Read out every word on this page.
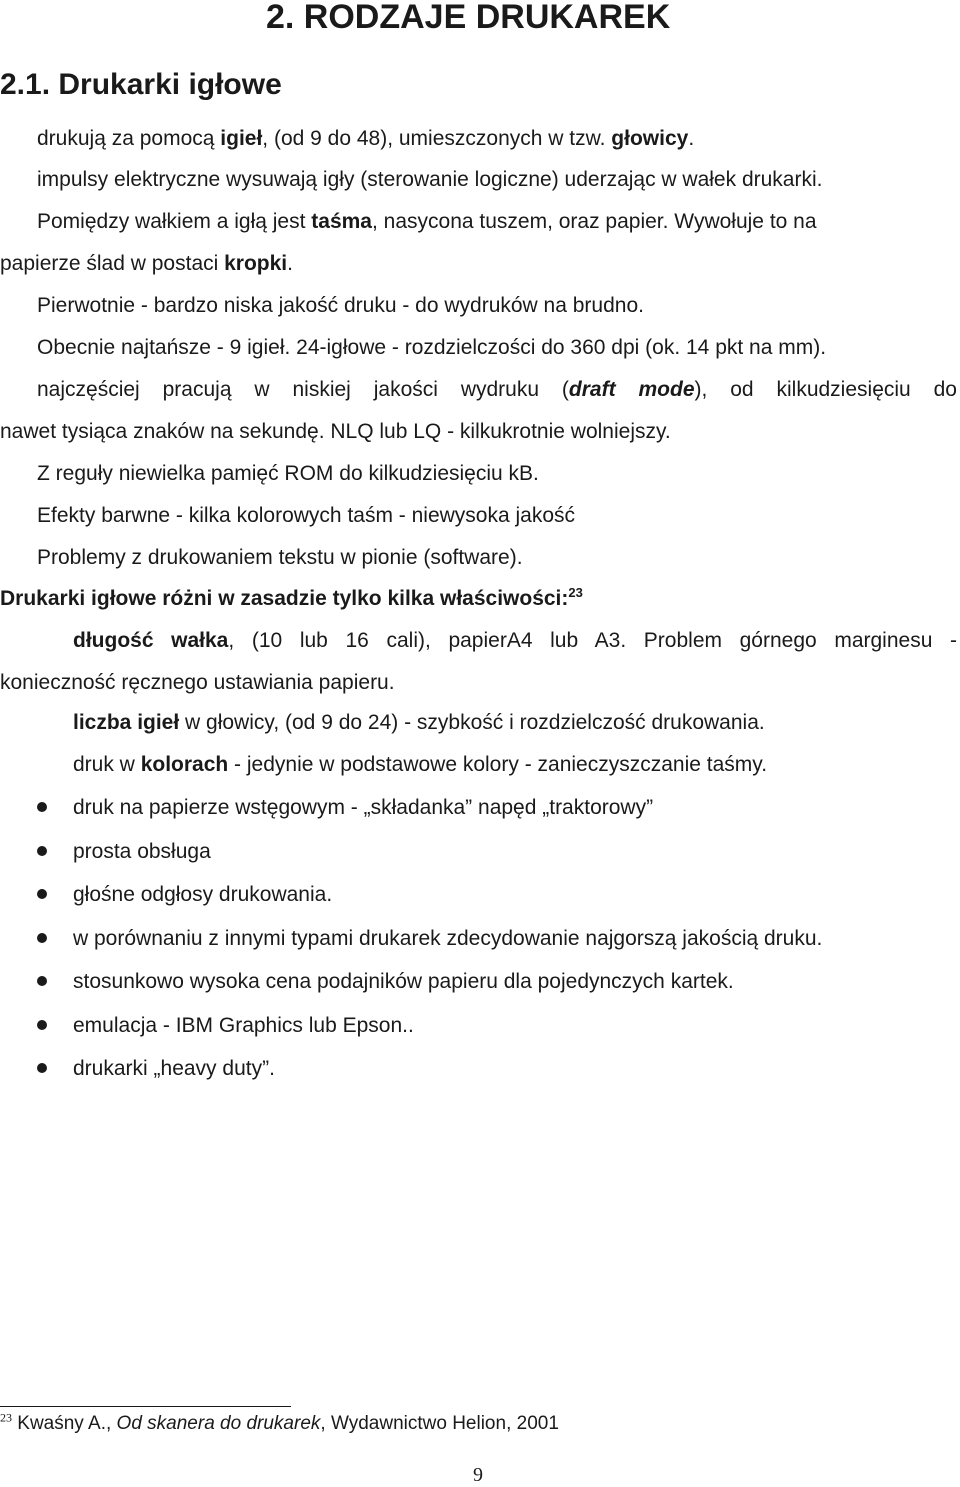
2. RODZAJE DRUKAREK
2.1. Drukarki igłowe
drukują za pomocą igieł, (od 9 do 48), umieszczonych w tzw. głowicy.
impulsy elektryczne wysuwają igły (sterowanie logiczne) uderzając w wałek drukarki.
Pomiędzy wałkiem a igłą jest taśma, nasycona tuszem, oraz papier. Wywołuje to na
papierze ślad w postaci kropki.
Pierwotnie - bardzo niska jakość druku - do wydruków na brudno.
Obecnie najtańsze - 9 igieł. 24-igłowe - rozdzielczości do 360 dpi (ok. 14 pkt na mm).
najczęściej pracują w niskiej jakości wydruku (draft mode), od kilkudziesięciu do
nawet tysiąca znaków na sekundę. NLQ lub LQ - kilkukrotnie wolniejszy.
Z reguły niewielka pamięć ROM do kilkudziesięciu kB.
Efekty barwne - kilka kolorowych taśm - niewysoka jakość
Problemy z drukowaniem tekstu w pionie (software).
Drukarki igłowe różni w zasadzie tylko kilka właściwości:$^{23}$
długość wałka, (10 lub 16 cali), papierA4 lub A3. Problem górnego marginesu -
konieczność ręcznego ustawiania papieru.
liczba igieł w głowicy, (od 9 do 24) - szybkość i rozdzielczość drukowania.
druk w kolorach - jedynie w podstawowe kolory - zanieczyszczanie taśmy.
druk na papierze wstęgowym - „składanka” napęd „traktorowy”
prosta obsługa
głośne odgłosy drukowania.
w porównaniu z innymi typami drukarek zdecydowanie najgorszą jakością druku.
stosunkowo wysoka cena podajników papieru dla pojedynczych kartek.
emulacja - IBM Graphics lub Epson..
drukarki „heavy duty”.
$^{23}$ Kwaśny A., Od skanera do drukarek, Wydawnictwo Helion, 2001
9
